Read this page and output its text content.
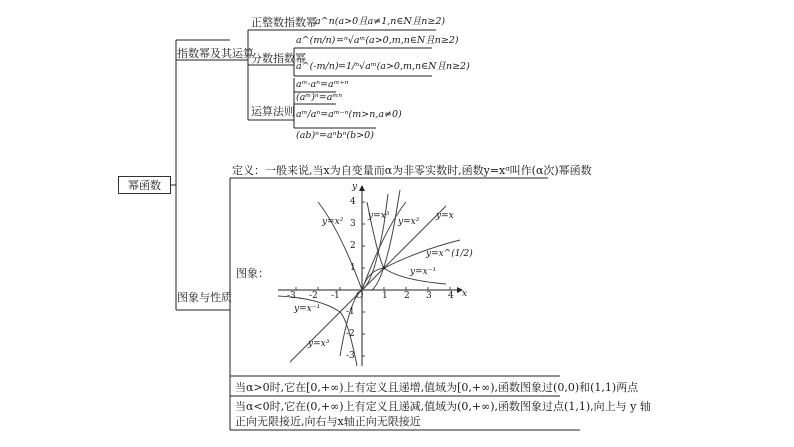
幂函数
指数幂及其运算
正整数指数幂
a^n(a>0且a≠1,n∈N且n≥2)
分数指数幂
a^(m/n) =ⁿ√aᵐ(a>0,m,n∈N且n≥2)
a^(-m/n) =1/ⁿ√aᵐ(a>0,m,n∈N且n≥2)
运算法则
aᵐ·aⁿ=aᵐ⁺ⁿ
(aᵐ)ⁿ=aᵐⁿ
aᵐ/aⁿ=aᵐ⁻ⁿ(m>n,a≠0)
(ab)ⁿ=aⁿbⁿ(b>0)
定义：一般来说,当x为自变量而α为非零实数时,函数y=xᵅ叫作(α次)幂函数
图象与性质
图象：
x
y
O
-3 -2 -1	1 2 3 4
4
3
2
1
-1
-2
-3
y=x²
y=x³
y=x²
y=x
y=x^(1/2)
y=x⁻¹
y=x⁻¹
y=x³
当α>0时,它在[0,+∞)上有定义且递增,值域为[0,+∞),函数图象过(0,0)和(1,1)两点
当α<0时,它在(0,+∞)上有定义且递减,值域为(0,+∞),函数图象过点(1,1),向上与 y 轴
正向无限接近,向右与x轴正向无限接近
